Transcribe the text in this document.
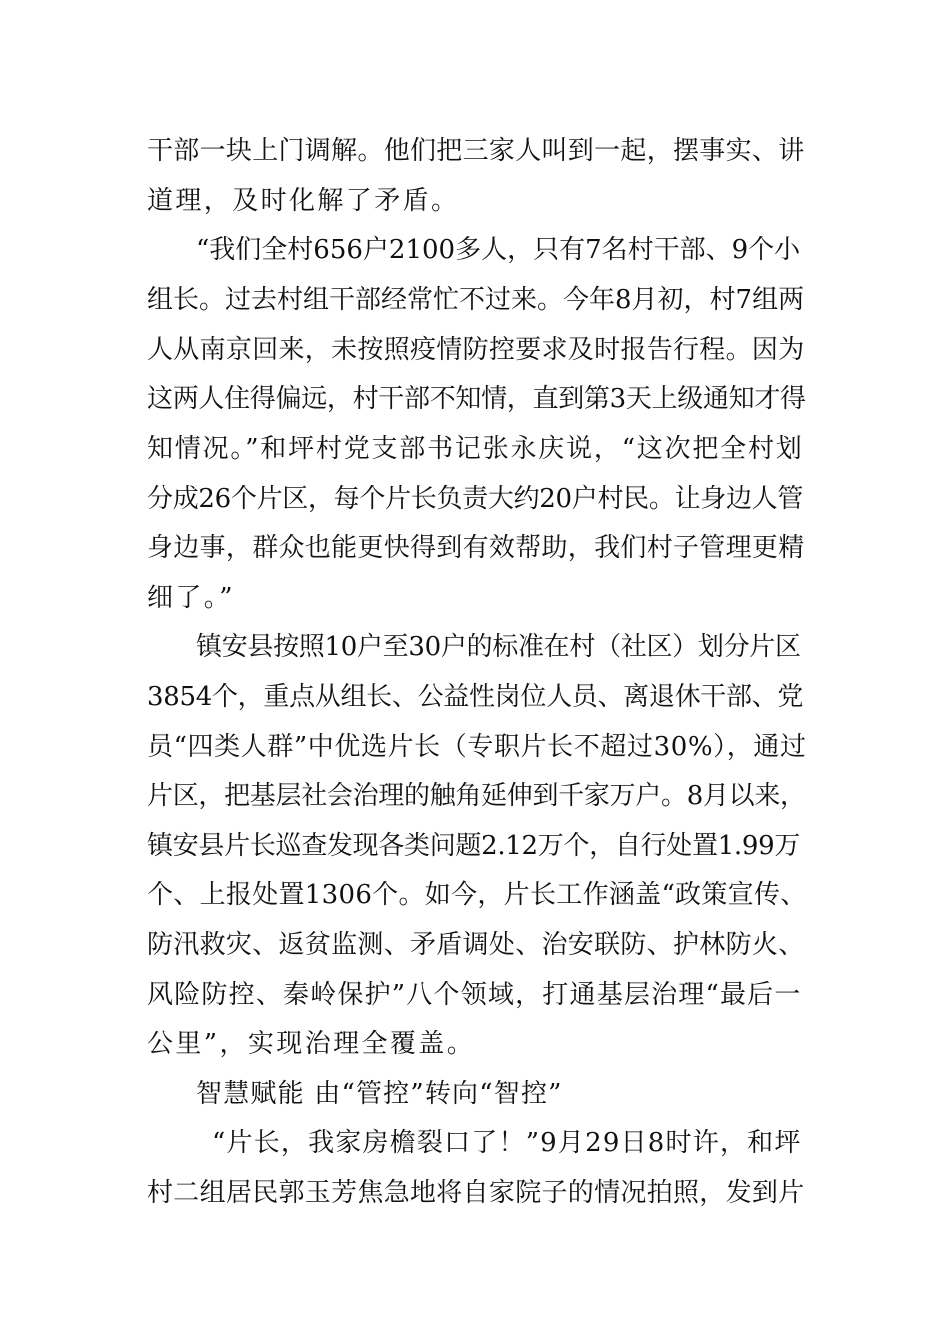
干部一块上门调解。他们把三家人叫到一起，摆事实、讲
道理，及时化解了矛盾。
“我们全村656户2100多人，只有7名村干部、9个小
组长。过去村组干部经常忙不过来。今年8月初，村7组两
人从南京回来，未按照疫情防控要求及时报告行程。因为
这两人住得偏远，村干部不知情，直到第3天上级通知才得
知情况。”和坪村党支部书记张永庆说，“这次把全村划
分成26个片区，每个片长负责大约20户村民。让身边人管
身边事，群众也能更快得到有效帮助，我们村子管理更精
细了。”
镇安县按照10户至30户的标准在村（社区）划分片区
3854个，重点从组长、公益性岗位人员、离退休干部、党
员“四类人群”中优选片长（专职片长不超过30%），通过
片区，把基层社会治理的触角延伸到千家万户。8月以来，
镇安县片长巡查发现各类问题2.12万个，自行处置1.99万
个、上报处置1306个。如今，片长工作涵盖“政策宣传、
防汛救灾、返贫监测、矛盾调处、治安联防、护林防火、
风险防控、秦岭保护”八个领域，打通基层治理“最后一
公里”，实现治理全覆盖。
智慧赋能 由“管控”转向“智控”
“片长，我家房檐裂口了！”9月29日8时许，和坪
村二组居民郭玉芳焦急地将自家院子的情况拍照，发到片
